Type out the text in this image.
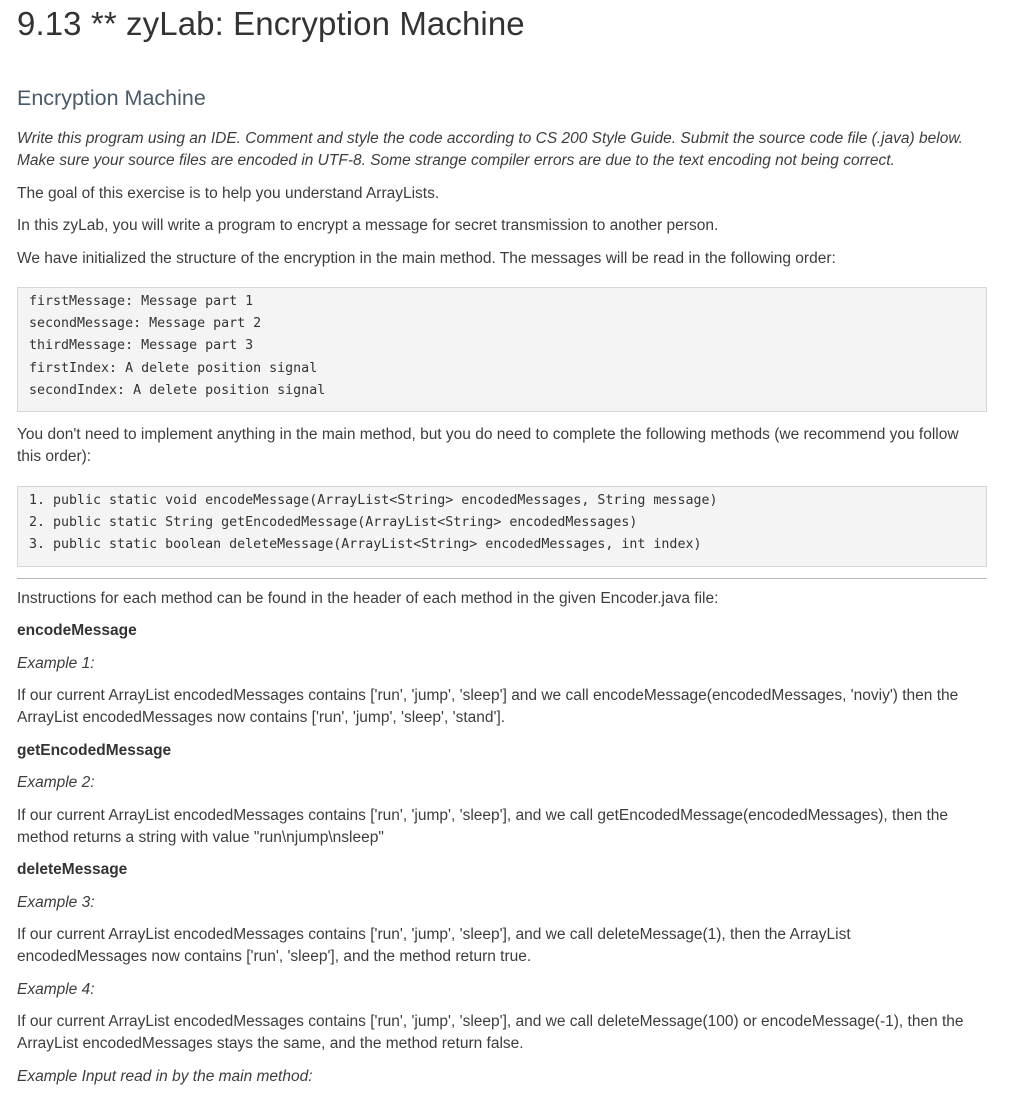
9.13 ** zyLab: Encryption Machine
Encryption Machine

Write this program using an IDE. Comment and style the code according to CS 200 Style Guide. Submit the source code file (.java) below.

Make sure your source files are encoded in UTF-8. Some strange compiler errors are due to the text encoding not being correct.

The goal of this exercise is to help you understand ArrayLists.

In this zyLab, you will write a program to encrypt a message for secret transmission to another person.

We have initialized the structure of the encryption in the main method. The messages will be read in the following order:

firstMessage: Message part 1
secondMessage: Message part 2
thirdMessage: Message part 3
firstIndex: A delete position signal
secondIndex: A delete position signal

You don't need to implement anything in the main method, but you do need to complete the following methods (we recommend you follow

this order):

1. public static void encodeMessage(ArrayList<String> encodedMessages, String message)
2. public static String getEncodedMessage(ArrayList<String> encodedMessages)
3. public static boolean deleteMessage(ArrayList<String> encodedMessages, int index)

Instructions for each method can be found in the header of each method in the given Encoder.java file:

encodeMessage

Example 1:

If our current ArrayList encodedMessages contains ['run', 'jump', 'sleep'] and we call encodeMessage(encodedMessages, 'noviy') then the

ArrayList encodedMessages now contains ['run', 'jump', 'sleep', 'stand'].

getEncodedMessage

Example 2:

If our current ArrayList encodedMessages contains ['run', 'jump', 'sleep'], and we call getEncodedMessage(encodedMessages), then the

method returns a string with value "run\njump\nsleep"

deleteMessage

Example 3:

If our current ArrayList encodedMessages contains ['run', 'jump', 'sleep'], and we call deleteMessage(1), then the ArrayList

encodedMessages now contains ['run', 'sleep'], and the method return true.

Example 4:

If our current ArrayList encodedMessages contains ['run', 'jump', 'sleep'], and we call deleteMessage(100) or encodeMessage(-1), then the

ArrayList encodedMessages stays the same, and the method return false.

Example Input read in by the main method:
